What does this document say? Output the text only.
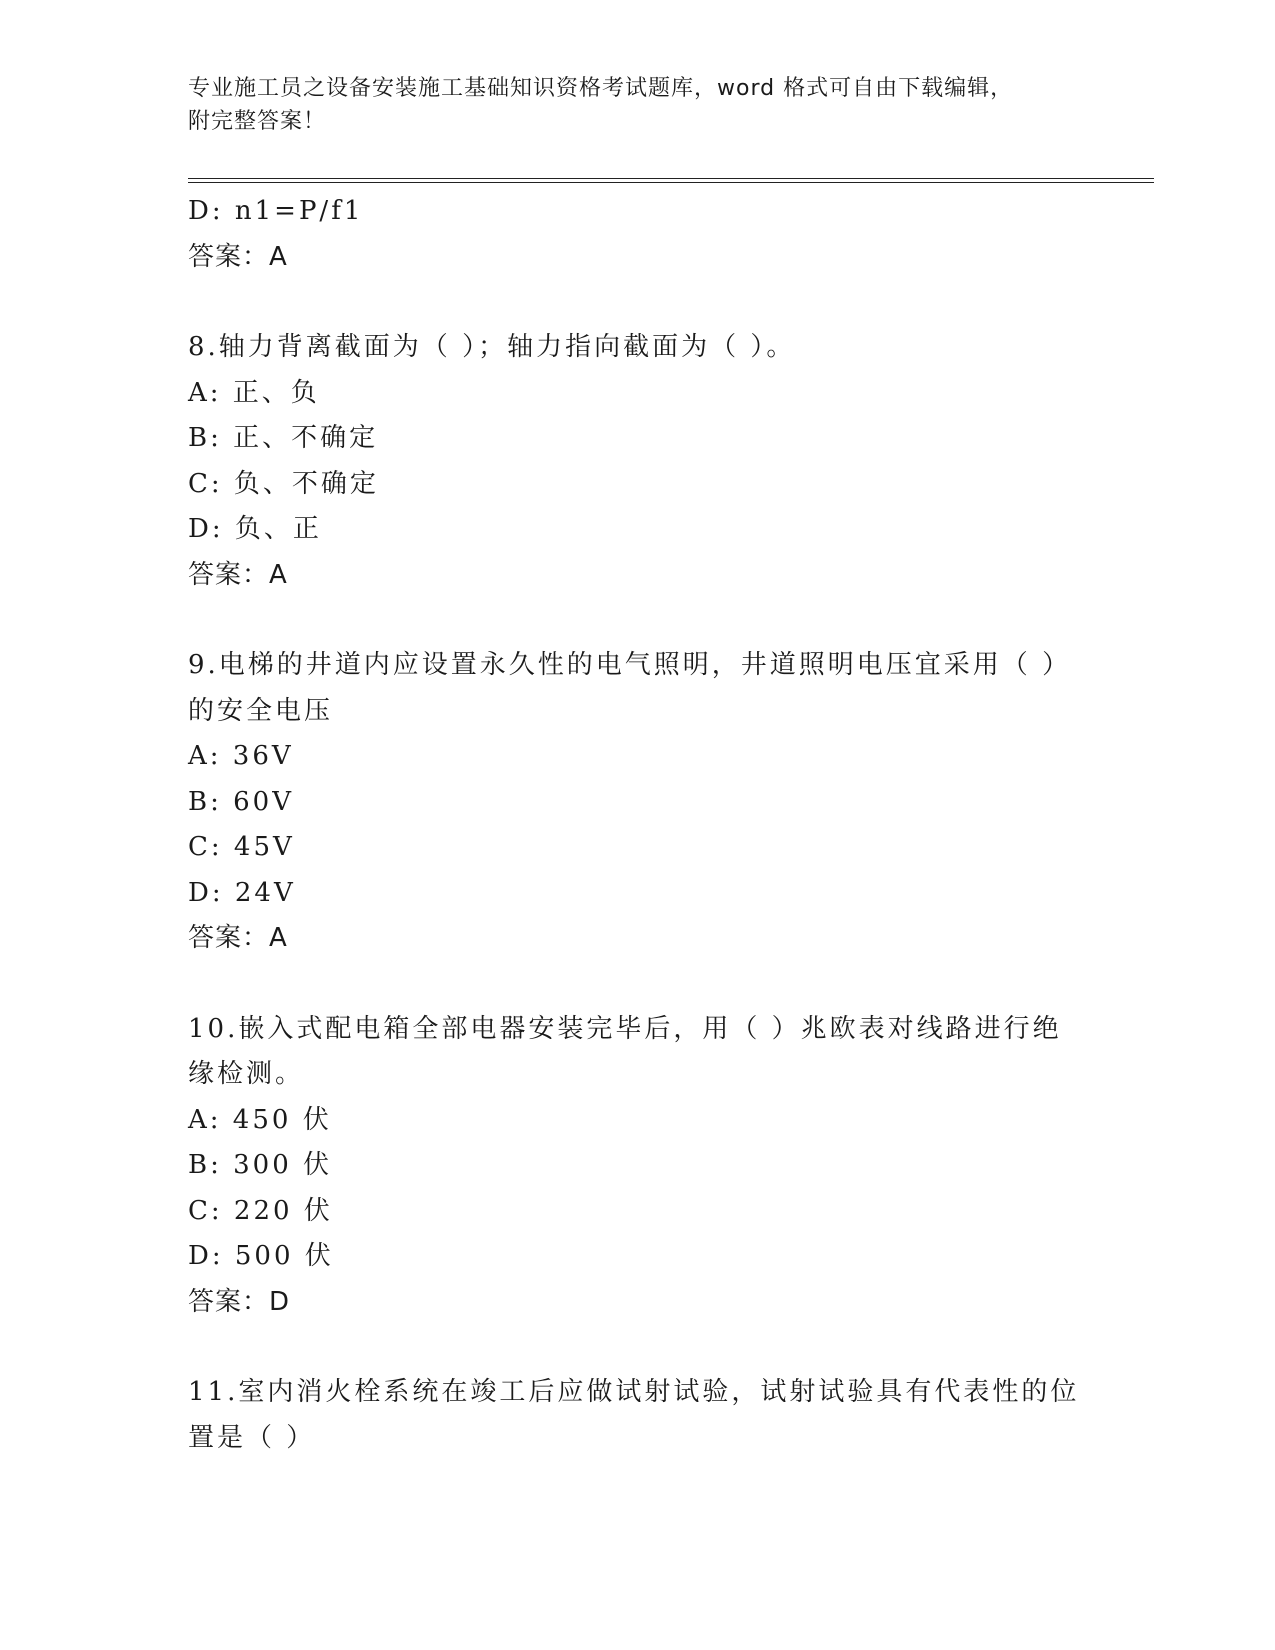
专业施工员之设备安装施工基础知识资格考试题库，word 格式可自由下载编辑，
附完整答案！
D: n1=P/f1
答案：A
8.轴力背离截面为（ ）；轴力指向截面为（ ）。
A: 正、负
B: 正、不确定
C: 负、不确定
D: 负、正
答案：A
9.电梯的井道内应设置永久性的电气照明，井道照明电压宜采用（ ）
的安全电压
A: 36V
B: 60V
C: 45V
D: 24V
答案：A
10.嵌入式配电箱全部电器安装完毕后，用（ ）兆欧表对线路进行绝
缘检测。
A: 450 伏
B: 300 伏
C: 220 伏
D: 500 伏
答案：D
11.室内消火栓系统在竣工后应做试射试验，试射试验具有代表性的位
置是（ ）
